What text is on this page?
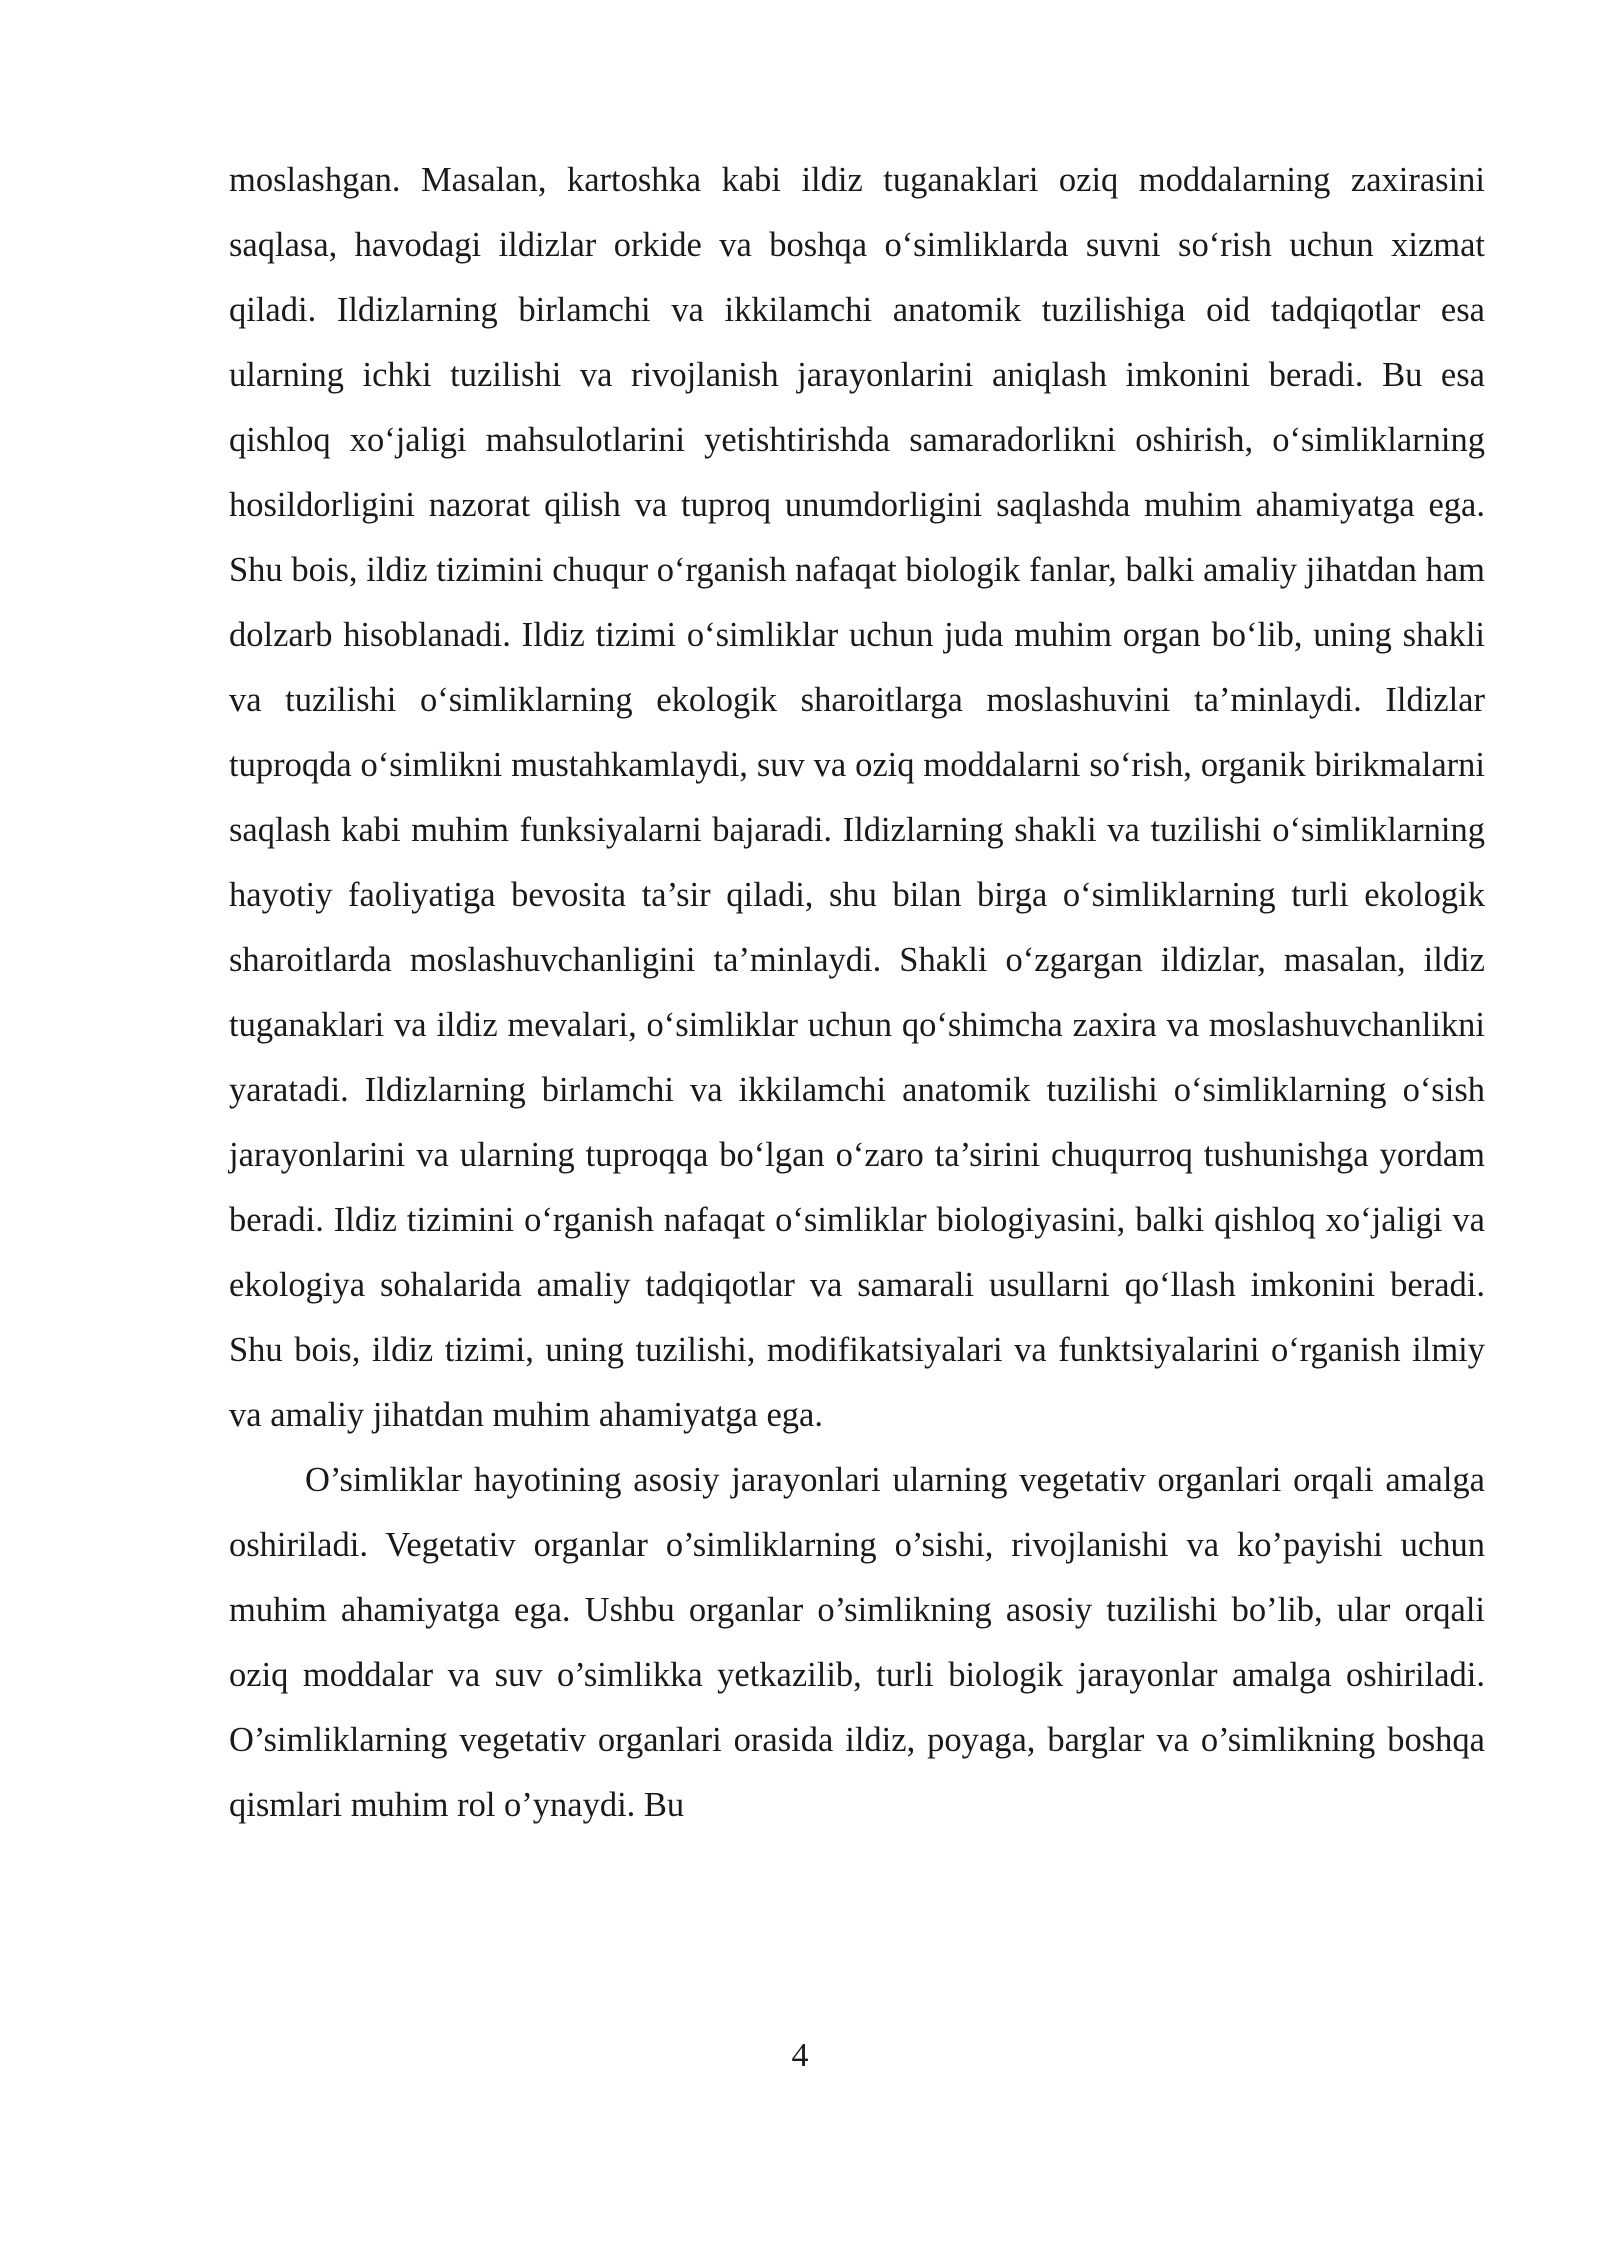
moslashgan. Masalan, kartoshka kabi ildiz tuganaklari oziq moddalarning zaxirasini saqlasa, havodagi ildizlar orkide va boshqa o‘simliklarda suvni so‘rish uchun xizmat qiladi. Ildizlarning birlamchi va ikkilamchi anatomik tuzilishiga oid tadqiqotlar esa ularning ichki tuzilishi va rivojlanish jarayonlarini aniqlash imkonini beradi. Bu esa qishloq xo‘jaligi mahsulotlarini yetishtirishda samaradorlikni oshirish, o‘simliklarning hosildorligini nazorat qilish va tuproq unumdorligini saqlashda muhim ahamiyatga ega. Shu bois, ildiz tizimini chuqur o‘rganish nafaqat biologik fanlar, balki amaliy jihatdan ham dolzarb hisoblanadi. Ildiz tizimi o‘simliklar uchun juda muhim organ bo‘lib, uning shakli va tuzilishi o‘simliklarning ekologik sharoitlarga moslashuvini ta’minlaydi. Ildizlar tuproqda o‘simlikni mustahkamlaydi, suv va oziq moddalarni so‘rish, organik birikmalarni saqlash kabi muhim funksiyalarni bajaradi. Ildizlarning shakli va tuzilishi o‘simliklarning hayotiy faoliyatiga bevosita ta’sir qiladi, shu bilan birga o‘simliklarning turli ekologik sharoitlarda moslashuvchanligini ta’minlaydi. Shakli o‘zgargan ildizlar, masalan, ildiz tuganaklari va ildiz mevalari, o‘simliklar uchun qo‘shimcha zaxira va moslashuvchanlikni yaratadi. Ildizlarning birlamchi va ikkilamchi anatomik tuzilishi o‘simliklarning o‘sish jarayonlarini va ularning tuproqqa bo‘lgan o‘zaro ta’sirini chuqurroq tushunishga yordam beradi. Ildiz tizimini o‘rganish nafaqat o‘simliklar biologiyasini, balki qishloq xo‘jaligi va ekologiya sohalarida amaliy tadqiqotlar va samarali usullarni qo‘llash imkonini beradi. Shu bois, ildiz tizimi, uning tuzilishi, modifikatsiyalari va funktsiyalarini o‘rganish ilmiy va amaliy jihatdan muhim ahamiyatga ega.

O’simliklar hayotining asosiy jarayonlari ularning vegetativ organlari orqali amalga oshiriladi. Vegetativ organlar o’simliklarning o’sishi, rivojlanishi va ko’payishi uchun muhim ahamiyatga ega. Ushbu organlar o’simlikning asosiy tuzilishi bo’lib, ular orqali oziq moddalar va suv o’simlikka yetkazilib, turli biologik jarayonlar amalga oshiriladi. O’simliklarning vegetativ organlari orasida ildiz, poyaga, barglar va o’simlikning boshqa qismlari muhim rol o’ynaydi. Bu

4
